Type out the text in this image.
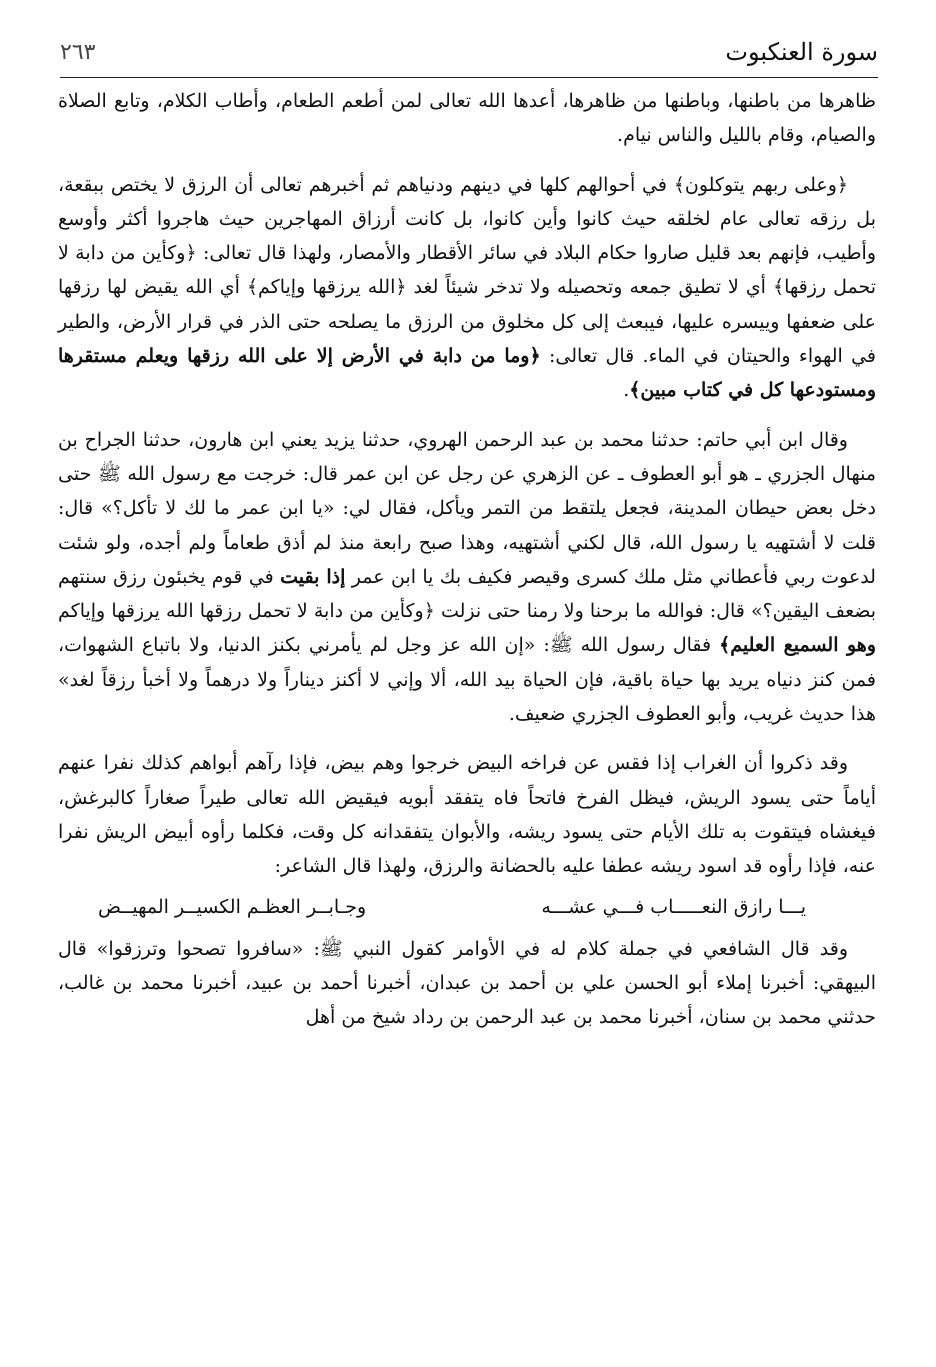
سورة العنكبوت
٢٦٣

ظاهرها من باطنها، وباطنها من ظاهرها، أعدها الله تعالى لمن أطعم الطعام، وأطاب الكلام، وتابع الصلاة والصيام، وقام بالليل والناس نيام.

﴿وعلى ربهم يتوكلون﴾ في أحوالهم كلها في دينهم ودنياهم ثم أخبرهم تعالى أن الرزق لا يختص ببقعة، بل رزقه تعالى عام لخلقه حيث كانوا وأين كانوا، بل كانت أرزاق المهاجرين حيث هاجروا أكثر وأوسع وأطيب، فإنهم بعد قليل صاروا حكام البلاد في سائر الأقطار والأمصار، ولهذا قال تعالى: ﴿وكأين من دابة لا تحمل رزقها﴾ أي لا تطيق جمعه وتحصيله ولا تدخر شيئاً لغد ﴿الله يرزقها وإياكم﴾ أي الله يقيض لها رزقها على ضعفها وييسره عليها، فيبعث إلى كل مخلوق من الرزق ما يصلحه حتى الذر في قرار الأرض، والطير في الهواء والحيتان في الماء. قال تعالى: ﴿وما من دابة في الأرض إلا على الله رزقها ويعلم مستقرها ومستودعها كل في كتاب مبين﴾.

وقال ابن أبي حاتم: حدثنا محمد بن عبد الرحمن الهروي، حدثنا يزيد يعني ابن هارون، حدثنا الجراح بن منهال الجزري ـ هو أبو العطوف ـ عن الزهري عن رجل عن ابن عمر قال: خرجت مع رسول الله ﷺ حتى دخل بعض حيطان المدينة، فجعل يلتقط من التمر ويأكل، فقال لي: «يا ابن عمر ما لك لا تأكل؟» قال: قلت لا أشتهيه يا رسول الله، قال لكني أشتهيه، وهذا صبح رابعة منذ لم أذق طعاماً ولم أجده، ولو شئت لدعوت ربي فأعطاني مثل ملك كسرى وقيصر فكيف بك يا ابن عمر إذا بقيت في قوم يخبئون رزق سنتهم بضعف اليقين؟» قال: فوالله ما برحنا ولا رمنا حتى نزلت ﴿وكأين من دابة لا تحمل رزقها الله يرزقها وإياكم وهو السميع العليم﴾ فقال رسول الله ﷺ: «إن الله عز وجل لم يأمرني بكنز الدنيا، ولا باتباع الشهوات، فمن كنز دنياه يريد بها حياة باقية، فإن الحياة بيد الله، ألا وإني لا أكنز ديناراً ولا درهماً ولا أخبأ رزقاً لغد» هذا حديث غريب، وأبو العطوف الجزري ضعيف.

وقد ذكروا أن الغراب إذا فقس عن فراخه البيض خرجوا وهم بيض، فإذا رآهم أبواهم كذلك نفرا عنهم أياماً حتى يسود الريش، فيظل الفرخ فاتحاً فاه يتفقد أبويه فيقيض الله تعالى طيراً صغاراً كالبرغش، فيغشاه فيتقوت به تلك الأيام حتى يسود ريشه، والأبوان يتفقدانه كل وقت، فكلما رأوه أبيض الريش نفرا عنه، فإذا رأوه قد اسود ريشه عطفا عليه بالحضانة والرزق، ولهذا قال الشاعر:

يـــا رازق النعـــــاب فـــي عشـــه
وجـابــر العظـم الكسيــر المهيــض

وقد قال الشافعي في جملة كلام له في الأوامر كقول النبي ﷺ: «سافروا تصحوا وترزقوا» قال البيهقي: أخبرنا إملاء أبو الحسن علي بن أحمد بن عبدان، أخبرنا أحمد بن عبيد، أخبرنا محمد بن غالب، حدثني محمد بن سنان، أخبرنا محمد بن عبد الرحمن بن رداد شيخ من أهل
